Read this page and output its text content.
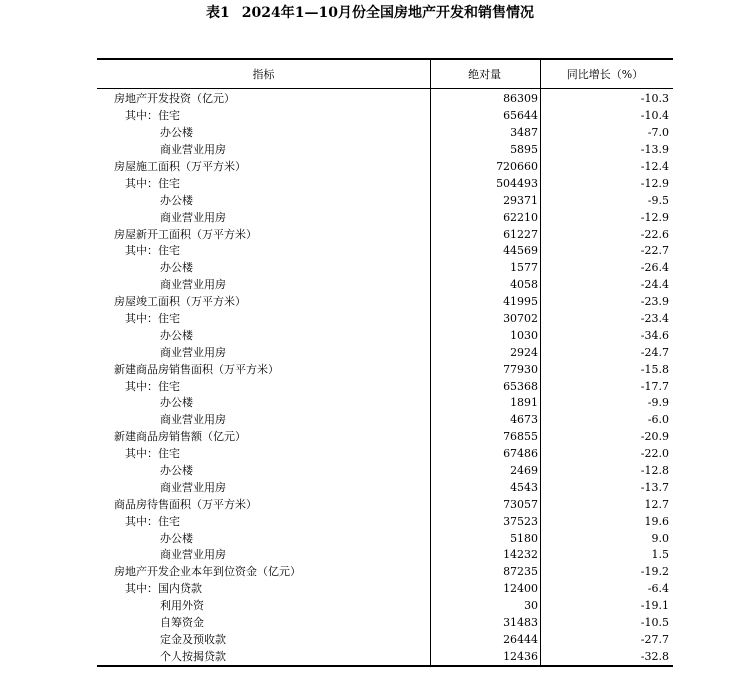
表1 2024年1—10月份全国房地产开发和销售情况
指标	绝对量	同比增长（%）
房地产开发投资（亿元）	86309	-10.3
其中：住宅	65644	-10.4
办公楼	3487	-7.0
商业营业用房	5895	-13.9
房屋施工面积（万平方米）	720660	-12.4
其中：住宅	504493	-12.9
办公楼	29371	-9.5
商业营业用房	62210	-12.9
房屋新开工面积（万平方米）	61227	-22.6
其中：住宅	44569	-22.7
办公楼	1577	-26.4
商业营业用房	4058	-24.4
房屋竣工面积（万平方米）	41995	-23.9
其中：住宅	30702	-23.4
办公楼	1030	-34.6
商业营业用房	2924	-24.7
新建商品房销售面积（万平方米）	77930	-15.8
其中：住宅	65368	-17.7
办公楼	1891	-9.9
商业营业用房	4673	-6.0
新建商品房销售额（亿元）	76855	-20.9
其中：住宅	67486	-22.0
办公楼	2469	-12.8
商业营业用房	4543	-13.7
商品房待售面积（万平方米）	73057	12.7
其中：住宅	37523	19.6
办公楼	5180	9.0
商业营业用房	14232	1.5
房地产开发企业本年到位资金（亿元）	87235	-19.2
其中：国内贷款	12400	-6.4
利用外资	30	-19.1
自筹资金	31483	-10.5
定金及预收款	26444	-27.7
个人按揭贷款	12436	-32.8
